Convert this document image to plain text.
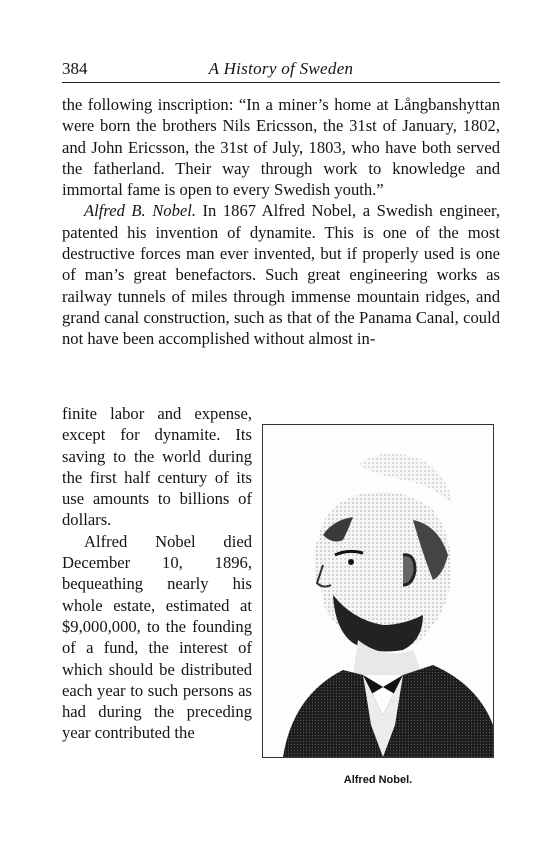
384	A History of Sweden

the following inscription: “In a miner’s home at Långbanshyttan were born the brothers Nils Ericsson, the 31st of January, 1802, and John Ericsson, the 31st of July, 1803, who have both served the fatherland. Their way through work to knowledge and immortal fame is open to every Swedish youth.”

Alfred B. Nobel. In 1867 Alfred Nobel, a Swedish engineer, patented his invention of dynamite. This is one of the most destructive forces man ever invented, but if properly used is one of man’s great benefactors. Such great engineering works as railway tunnels of miles through immense mountain ridges, and grand canal construction, such as that of the Panama Canal, could not have been accomplished without almost in-

finite labor and expense, except for dynamite. Its saving to the world during the first half century of its use amounts to billions of dollars.

Alfred Nobel died December 10, 1896, bequeathing nearly his whole estate, estimated at $9,000,000, to the founding of a fund, the interest of which should be distributed each year to such persons as had during the preceding year contributed the

Alfred Nobel.
